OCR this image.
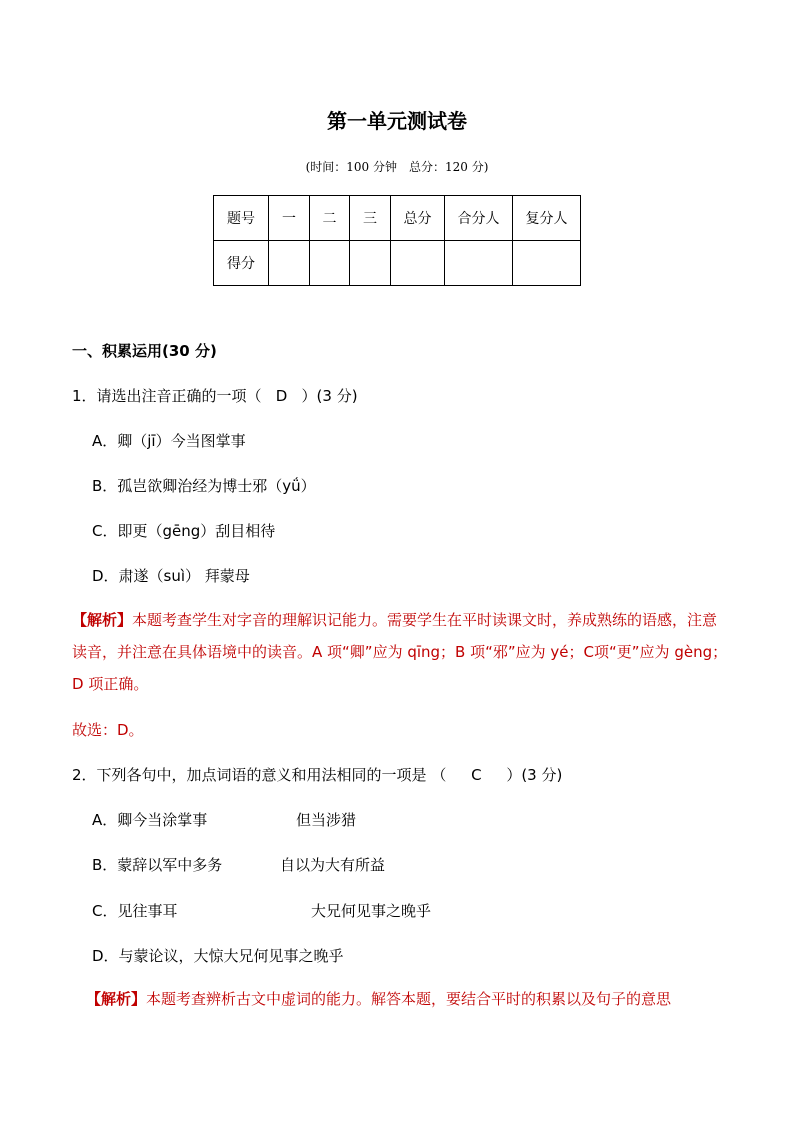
第一单元测试卷
(时间：100 分钟　总分：120 分)
题号	一	二	三	总分	合分人	复分人
得分						
一、积累运用(30 分)
1．请选出注音正确的一项（ D ）(3 分)
A．卿（jī）今当图掌事
B．孤岂欲卿治经为博士邪（yǘ）
C．即更（gēng）刮目相待
D．肃遂（suì） 拜蒙母
【解析】本题考查学生对字音的理解识记能力。需要学生在平时读课文时，养成熟练的语感，注意读音，并注意在具体语境中的读音。A 项“卿”应为 qīng；B 项“邪”应为 yé；C项“更”应为 gèng；D 项正确。
故选：D。
2．下列各句中，加点词语的意义和用法相同的一项是 （ C ）(3 分)
A．卿今当涂掌事	但当涉猎
B．蒙辞以军中多务	自以为大有所益
C．见往事耳	大兄何见事之晚乎
D．与蒙论议，大惊大兄何见事之晚乎
【解析】本题考查辨析古文中虚词的能力。解答本题，要结合平时的积累以及句子的意思
